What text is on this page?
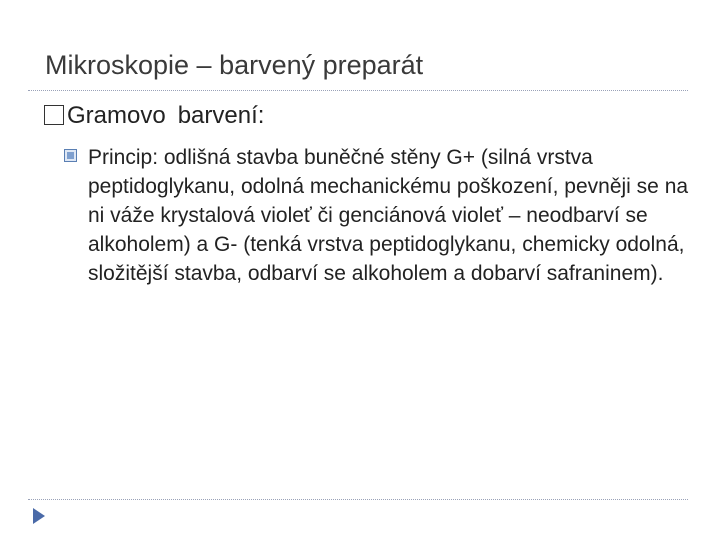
Mikroskopie – barvený preparát
Gramovo barvení:
Princip: odlišná stavba buněčné stěny G+ (silná vrstva peptidoglykanu, odolná mechanickému poškození, pevněji se na ni váže krystalová violeť či genciánová violeť – neodbarví se alkoholem) a G- (tenká vrstva peptidoglykanu, chemicky odolná, složitější stavba, odbarví se alkoholem a dobarví safraninem).
